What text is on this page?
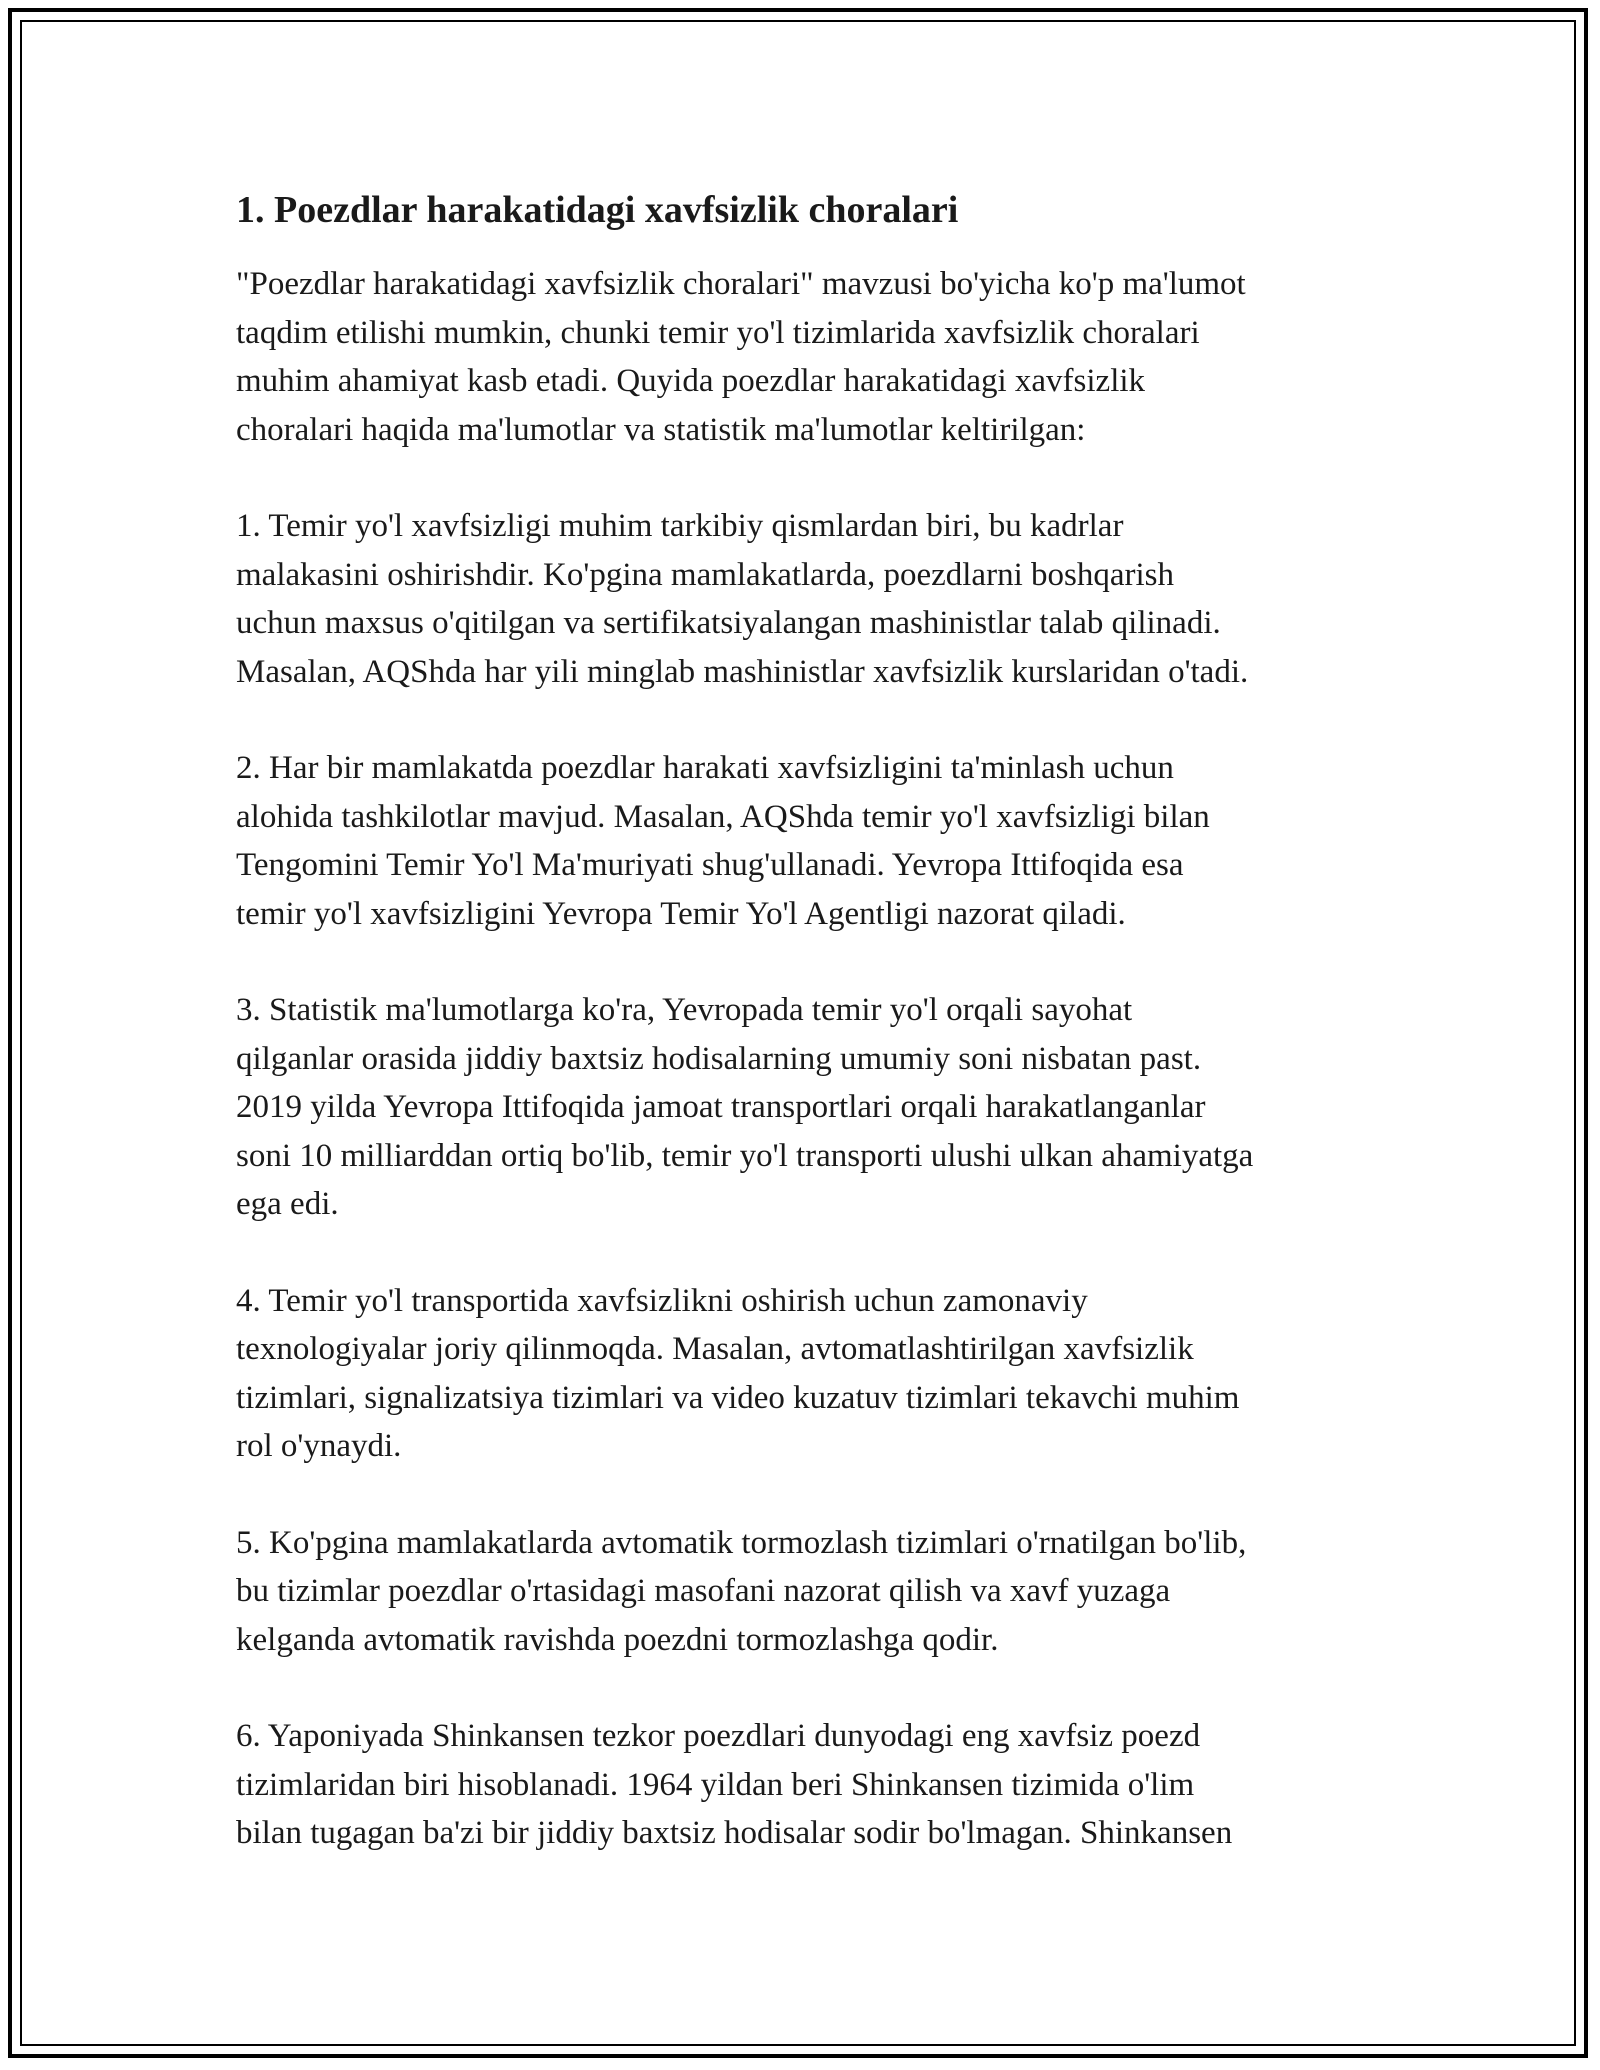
1. Poezdlar harakatidagi xavfsizlik choralari

"Poezdlar harakatidagi xavfsizlik choralari" mavzusi bo'yicha ko'p ma'lumot
taqdim etilishi mumkin, chunki temir yo'l tizimlarida xavfsizlik choralari
muhim ahamiyat kasb etadi. Quyida poezdlar harakatidagi xavfsizlik
choralari haqida ma'lumotlar va statistik ma'lumotlar keltirilgan:

1. Temir yo'l xavfsizligi muhim tarkibiy qismlardan biri, bu kadrlar
malakasini oshirishdir. Ko'pgina mamlakatlarda, poezdlarni boshqarish
uchun maxsus o'qitilgan va sertifikatsiyalangan mashinistlar talab qilinadi.
Masalan, AQShda har yili minglab mashinistlar xavfsizlik kurslaridan o'tadi.

2. Har bir mamlakatda poezdlar harakati xavfsizligini ta'minlash uchun
alohida tashkilotlar mavjud. Masalan, AQShda temir yo'l xavfsizligi bilan
Tengomini Temir Yo'l Ma'muriyati shug'ullanadi. Yevropa Ittifoqida esa
temir yo'l xavfsizligini Yevropa Temir Yo'l Agentligi nazorat qiladi.

3. Statistik ma'lumotlarga ko'ra, Yevropada temir yo'l orqali sayohat
qilganlar orasida jiddiy baxtsiz hodisalarning umumiy soni nisbatan past.
2019 yilda Yevropa Ittifoqida jamoat transportlari orqali harakatlanganlar
soni 10 milliarddan ortiq bo'lib, temir yo'l transporti ulushi ulkan ahamiyatga
ega edi.

4. Temir yo'l transportida xavfsizlikni oshirish uchun zamonaviy
texnologiyalar joriy qilinmoqda. Masalan, avtomatlashtirilgan xavfsizlik
tizimlari, signalizatsiya tizimlari va video kuzatuv tizimlari tekavchi muhim
rol o'ynaydi.

5. Ko'pgina mamlakatlarda avtomatik tormozlash tizimlari o'rnatilgan bo'lib,
bu tizimlar poezdlar o'rtasidagi masofani nazorat qilish va xavf yuzaga
kelganda avtomatik ravishda poezdni tormozlashga qodir.

6. Yaponiyada Shinkansen tezkor poezdlari dunyodagi eng xavfsiz poezd
tizimlaridan biri hisoblanadi. 1964 yildan beri Shinkansen tizimida o'lim
bilan tugagan ba'zi bir jiddiy baxtsiz hodisalar sodir bo'lmagan. Shinkansen
